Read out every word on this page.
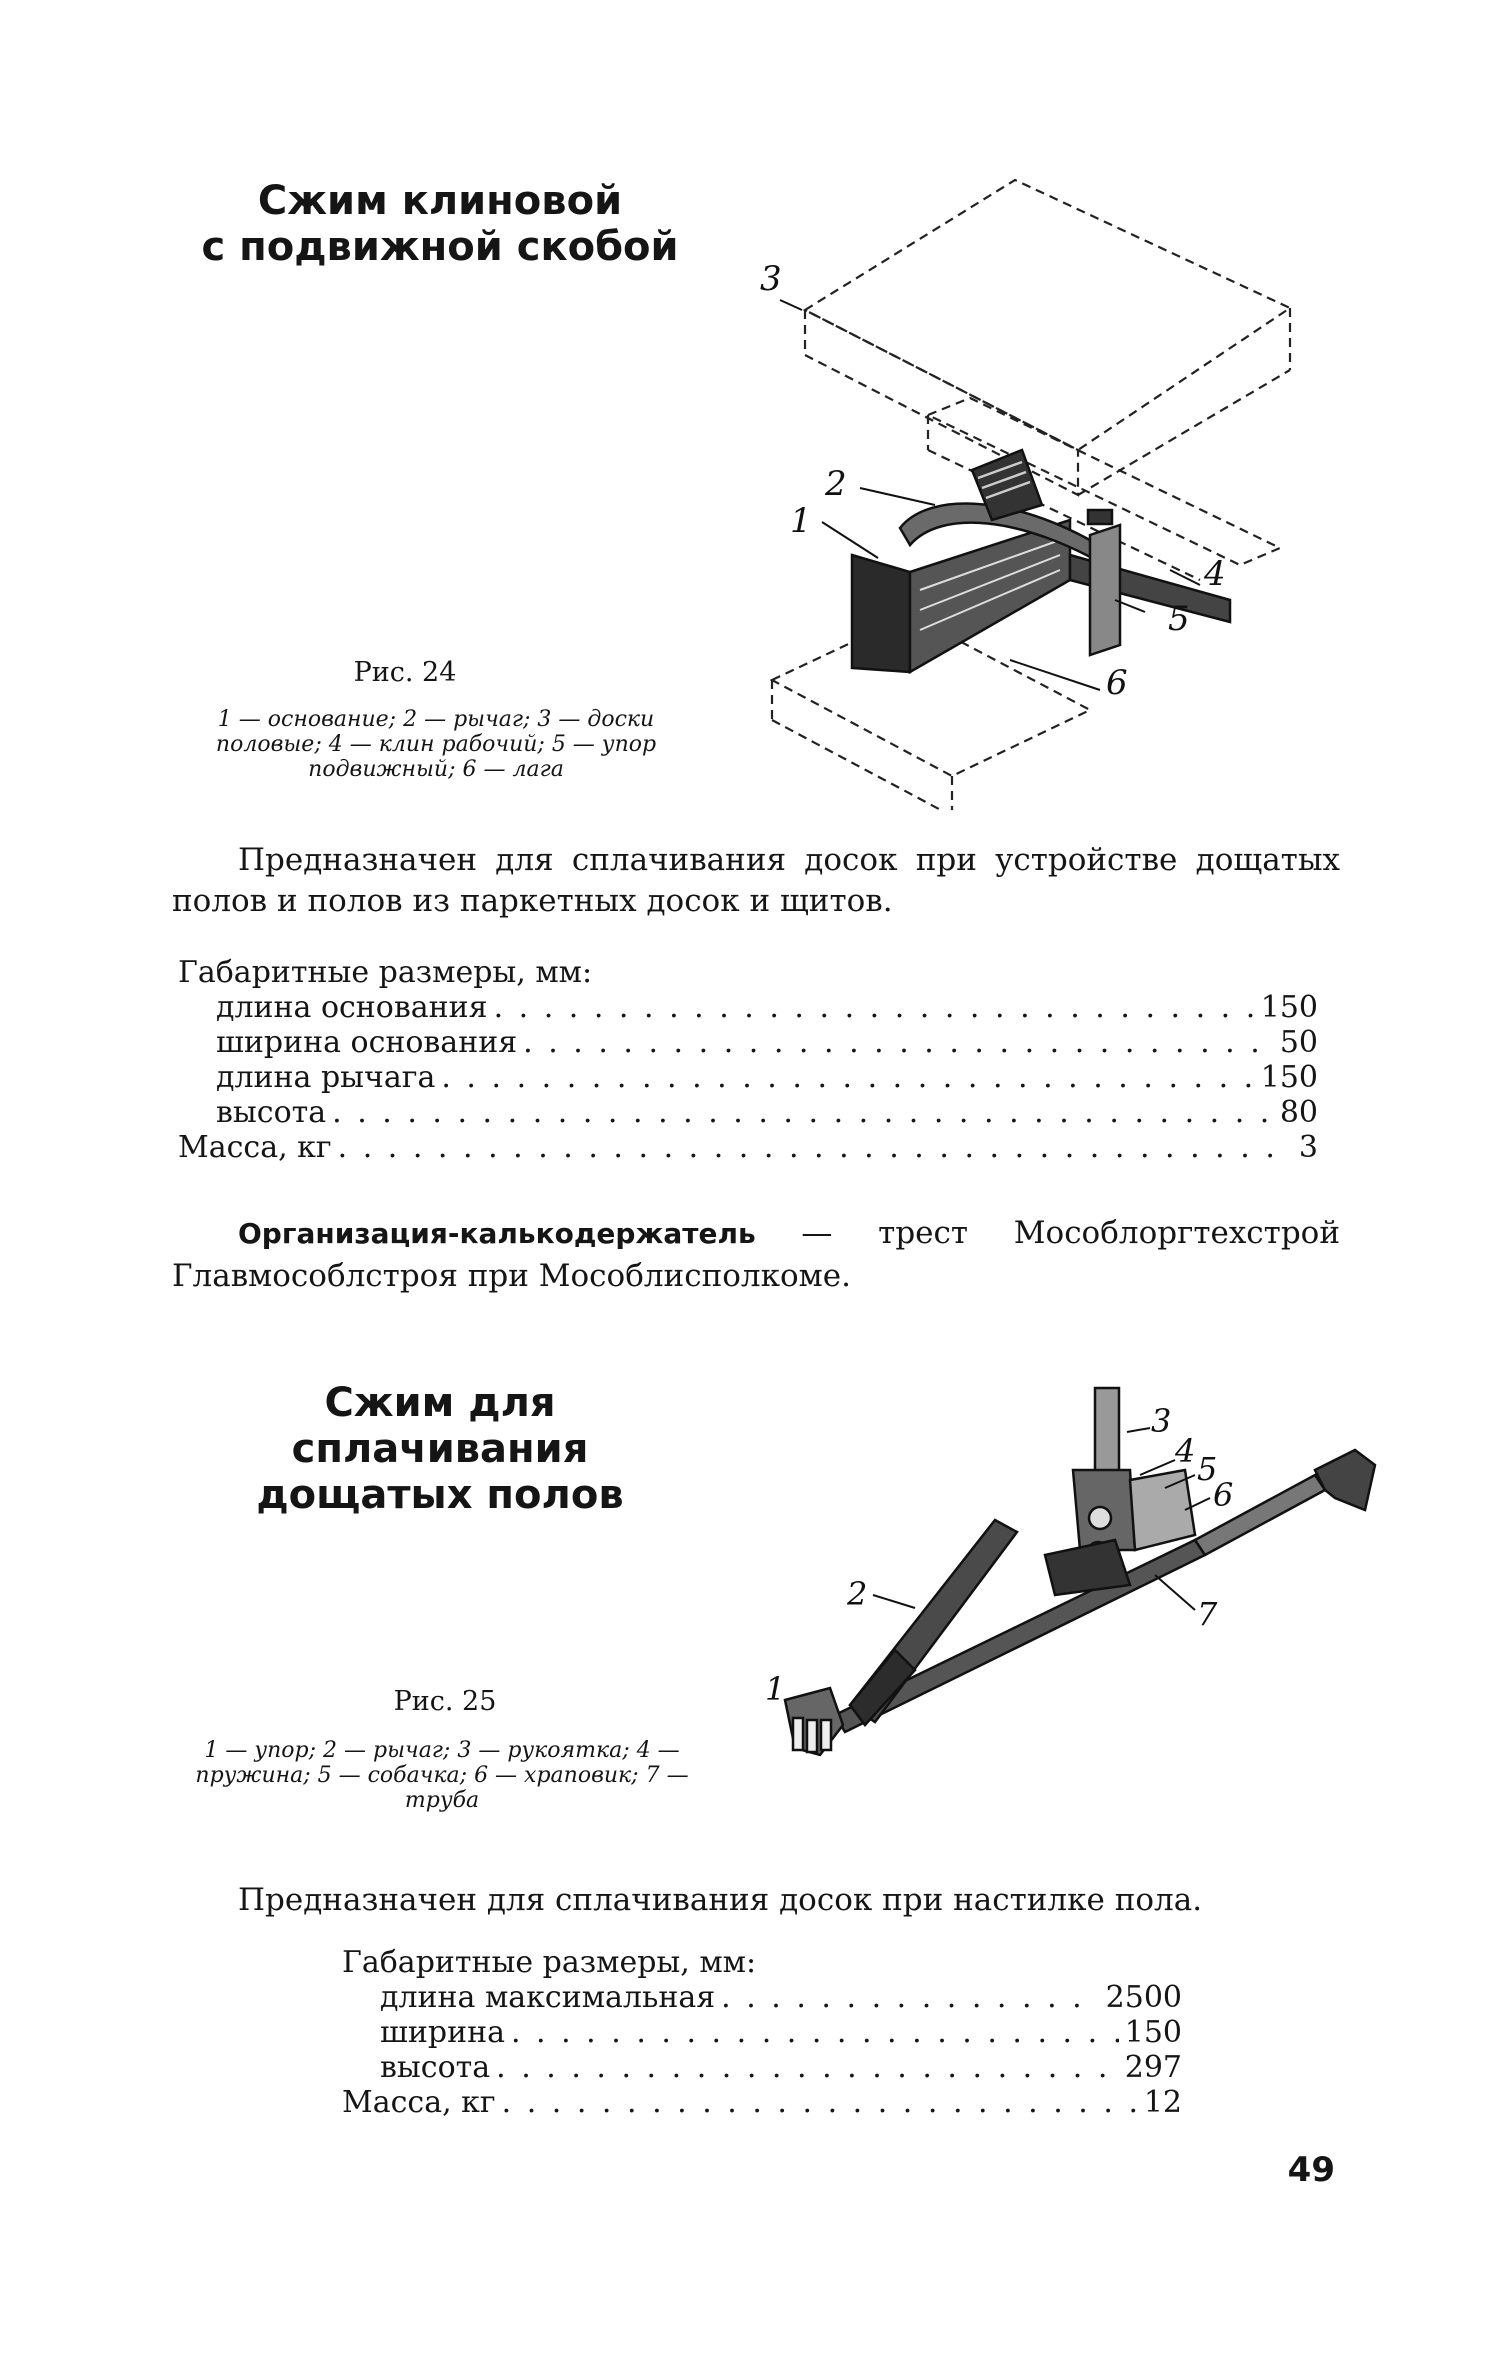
Сжим клиновой
с подвижной скобой
Рис. 24
1 — основание; 2 — рычаг; 3 — доски половые; 4 — клин рабочий; 5 — упор подвижный; 6 — лага
3
1
2
4
5
6
Предназначен для сплачивания досок при устройстве дощатых полов и полов из паркетных досок и щитов.
Габаритные размеры, мм:
длина основания . . .	150
ширина основания . . .	50
длина рычага . . .	150
высота . . .	80
Масса, кг . . .	3
Организация-калькодержатель — трест Мособлоргтехстрой Главмособлстроя при Мособлисполкоме.
Сжим для сплачивания
дощатых полов
Рис. 25
1 — упор; 2 — рычаг; 3 — рукоятка; 4 — пружина; 5 — собачка; 6 — храповик; 7 — труба
3
4 5
6
2
7
1
Предназначен для сплачивания досок при настилке пола.
Габаритные размеры, мм:
длина максимальная . . .	2500
ширина . . .	150
высота . . .	297
Масса, кг . . .	12
49
